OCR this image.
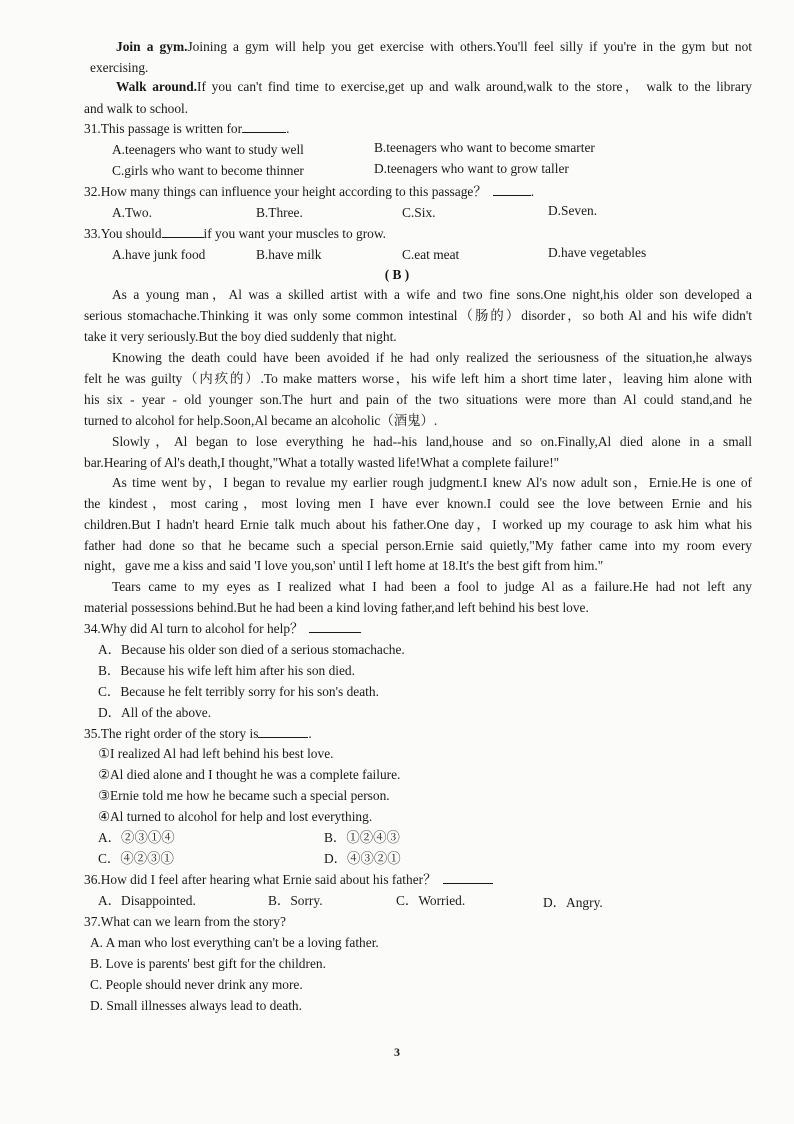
Join a gym.Joining a gym will help you get exercise with others.You'll feel silly if you're in the gym but not
exercising.
Walk around.If you can't find time to exercise,get up and walk around,walk to the store， walk to the library
and walk to school.
31.This passage is written for	.
A.teenagers who want to study well	B.teenagers who want to become smarter
C.girls who want to become thinner	D.teenagers who want to grow taller
32.How many things can influence your height according to this passage？	.
A.Two.	B.Three.	C.Six.	D.Seven.
33.You should	if you want your muscles to grow.
A.have junk food	B.have milk	C.eat meat	D.have vegetables
( B )
As a young man，Al was a skilled artist with a wife and two fine sons.One night,his older son developed a
serious stomachache.Thinking it was only some common intestinal（肠的）disorder，so both Al and his wife didn't
take it very seriously.But the boy died suddenly that night.
Knowing the death could have been avoided if he had only realized the seriousness of the situation,he always
felt he was guilty（内疚的）.To make matters worse，his wife left him a short time later，leaving him alone with
his six - year - old younger son.The hurt and pain of the two situations were more than Al could stand,and he
turned to alcohol for help.Soon,Al became an alcoholic（酒鬼）.
Slowly，Al began to lose everything he had--his land,house and so on.Finally,Al died alone in a small
bar.Hearing of Al's death,I thought,"What a totally wasted life!What a complete failure!"
As time went by，I began to revalue my earlier rough judgment.I knew Al's now adult son，Ernie.He is one of
the kindest，most caring，most loving men I have ever known.I could see the love between Ernie and his
children.But I hadn't heard Ernie talk much about his father.One day，I worked up my courage to ask him what his
father had done so that he became such a special person.Ernie said quietly,"My father came into my room every
night，gave me a kiss and said 'I love you,son' until I left home at 18.It's the best gift from him."
Tears came to my eyes as I realized what I had been a fool to judge Al as a failure.He had not left any
material possessions behind.But he had been a kind loving father,and left behind his best love.
34.Why did Al turn to alcohol for help？
A．Because his older son died of a serious stomachache.
B．Because his wife left him after his son died.
C．Because he felt terribly sorry for his son's death.
D．All of the above.
35.The right order of the story is	.
①I realized Al had left behind his best love.
②Al died alone and I thought he was a complete failure.
③Ernie told me how he became such a special person.
④Al turned to alcohol for help and lost everything.
A．②③①④	B．①②④③
C．④②③①	D．④③②①
36.How did I feel after hearing what Ernie said about his father？
A．Disappointed.	B．Sorry.	C．Worried.	D．Angry.
37.What can we learn from the story?
A. A man who lost everything can't be a loving father.
B. Love is parents' best gift for the children.
C. People should never drink any more.
D. Small illnesses always lead to death.
3
